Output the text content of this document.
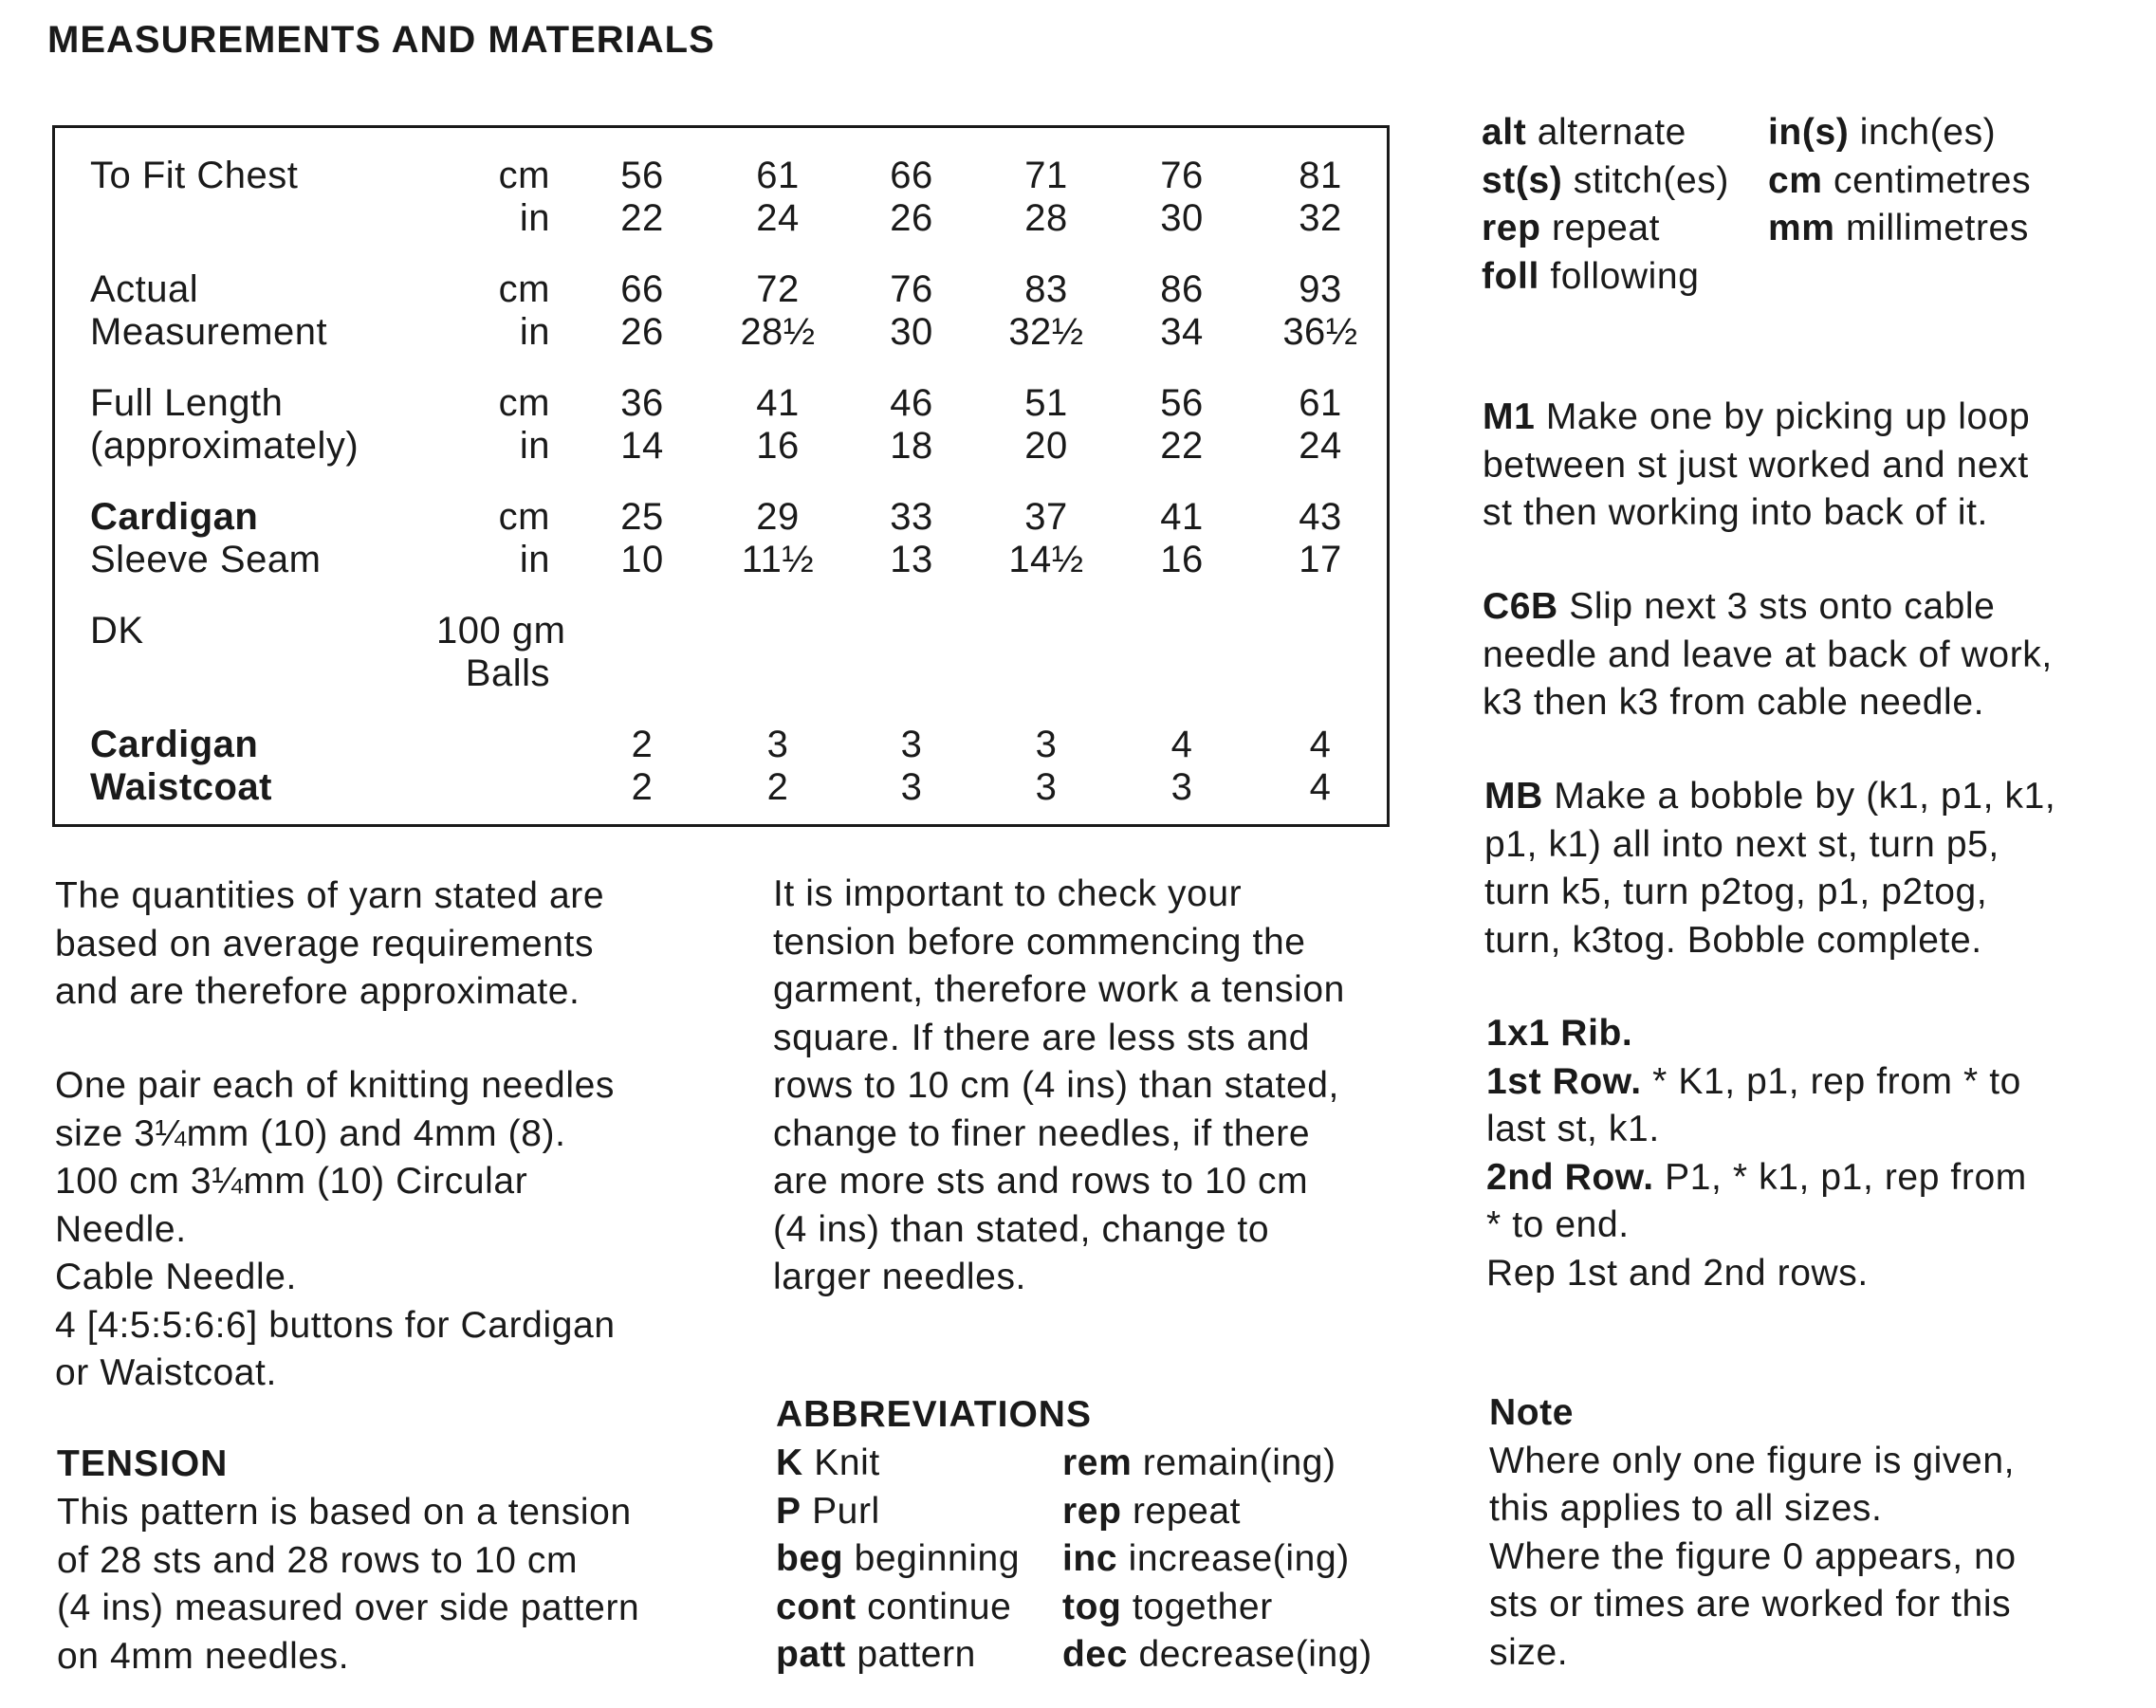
MEASUREMENTS AND MATERIALS
To Fit Chest	cm	56	61	66	71	76	81
in	22	24	26	28	30	32
Actual	cm	66	72	76	83	86	93
Measurement	in	26	28½	30	32½	34	36½
Full Length	cm	36	41	46	51	56	61
(approximately)	in	14	16	18	20	22	24
Cardigan	cm	25	29	33	37	41	43
Sleeve Seam	in	10	11½	13	14½	16	17
DK	100 gm
Balls
Cardigan	2	3	3	3	4	4
Waistcoat	2	2	3	3	3	4
The quantities of yarn stated are
based on average requirements
and are therefore approximate.
One pair each of knitting needles
size 3¼mm (10) and 4mm (8).
100 cm 3¼mm (10) Circular
Needle.
Cable Needle.
4 [4:5:5:6:6] buttons for Cardigan
or Waistcoat.
TENSION
This pattern is based on a tension
of 28 sts and 28 rows to 10 cm
(4 ins) measured over side pattern
on 4mm needles.
It is important to check your
tension before commencing the
garment, therefore work a tension
square. If there are less sts and
rows to 10 cm (4 ins) than stated,
change to finer needles, if there
are more sts and rows to 10 cm
(4 ins) than stated, change to
larger needles.
ABBREVIATIONS
K Knit	rem remain(ing)
P Purl	rep repeat
beg beginning	inc increase(ing)
cont continue	tog together
patt pattern	dec decrease(ing)
alt alternate	in(s) inch(es)
st(s) stitch(es)	cm centimetres
rep repeat	mm millimetres
foll following
M1 Make one by picking up loop
between st just worked and next
st then working into back of it.
C6B Slip next 3 sts onto cable
needle and leave at back of work,
k3 then k3 from cable needle.
MB Make a bobble by (k1, p1, k1,
p1, k1) all into next st, turn p5,
turn k5, turn p2tog, p1, p2tog,
turn, k3tog. Bobble complete.
1x1 Rib.
1st Row. * K1, p1, rep from * to
last st, k1.
2nd Row. P1, * k1, p1, rep from
* to end.
Rep 1st and 2nd rows.
Note
Where only one figure is given,
this applies to all sizes.
Where the figure 0 appears, no
sts or times are worked for this
size.
